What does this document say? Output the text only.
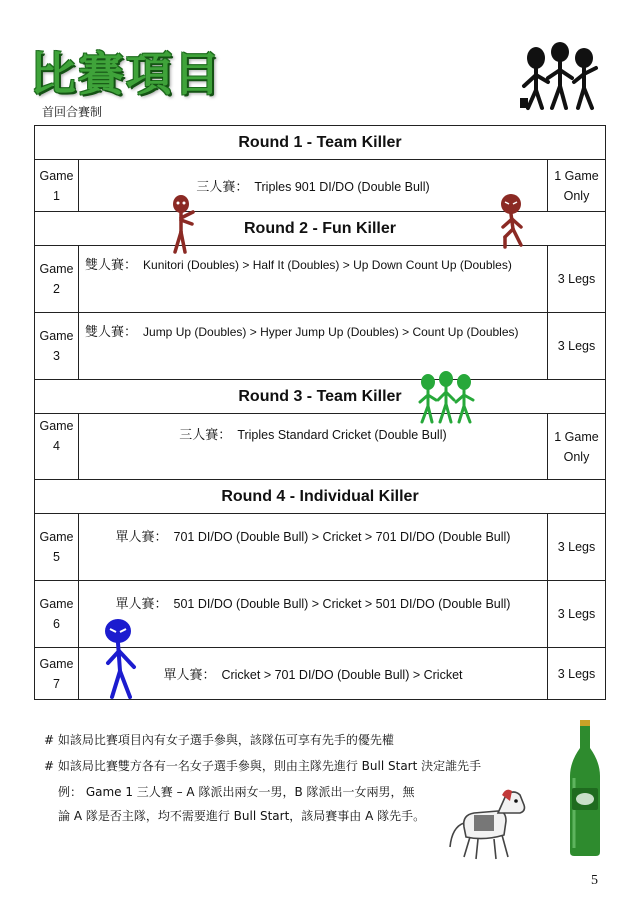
比賽項目
首回合賽制
Round 1 - Team Killer		
Game
1	三人賽： Triples 901 DI/DO (Double Bull)	1 Game
Only
Round 2 - Fun Killer		
Game
2	雙人賽： Kunitori (Doubles) > Half It (Doubles) > Up Down Count Up (Doubles)	3 Legs
Game
3	雙人賽： Jump Up (Doubles) > Hyper Jump Up (Doubles) > Count Up (Doubles)	3 Legs
Round 3 - Team Killer		
Game
4	三人賽： Triples Standard Cricket (Double Bull)	1 Game
Only
Round 4 - Individual Killer		
Game
5	單人賽： 701 DI/DO (Double Bull) > Cricket > 701 DI/DO (Double Bull)	3 Legs
Game
6	單人賽： 501 DI/DO (Double Bull) > Cricket > 501 DI/DO (Double Bull)	3 Legs
Game
7	單人賽： Cricket > 701 DI/DO (Double Bull) > Cricket	3 Legs
# 如該局比賽項目內有女子選手參與，該隊伍可享有先手的優先權
# 如該局比賽雙方各有一名女子選手參與，則由主隊先進行 Bull Start 決定誰先手
例： Game 1 三人賽 – A 隊派出兩女一男，B 隊派出一女兩男，無
論 A 隊是否主隊，均不需要進行 Bull Start，該局賽事由 A 隊先手。
5
